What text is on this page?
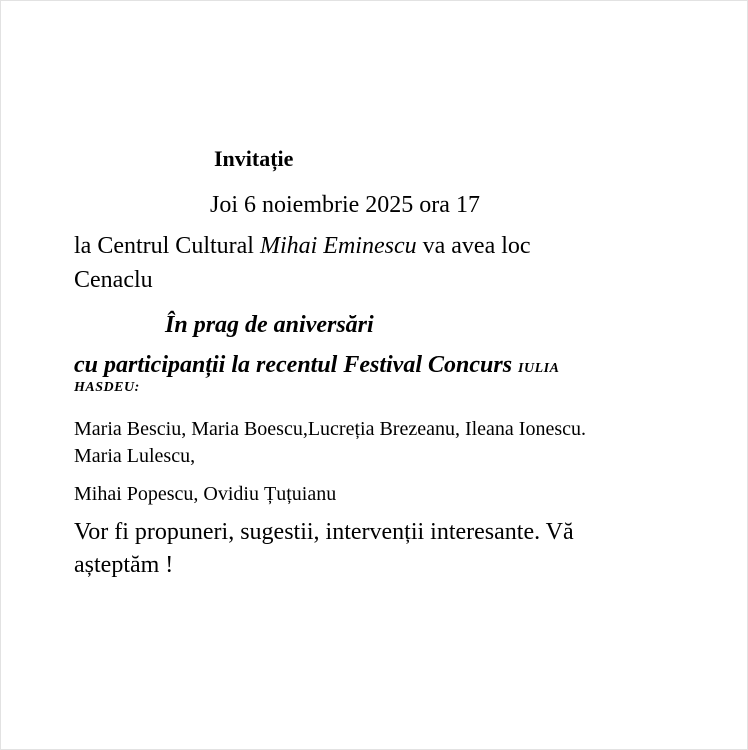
Invitație
Joi 6 noiembrie 2025 ora 17
la Centrul Cultural Mihai Eminescu va avea loc
Cenaclu
În prag de aniversări
cu participanții la recentul Festival Concurs IULIA
HASDEU:
Maria Besciu, Maria Boescu,Lucreția Brezeanu, Ileana Ionescu.
Maria Lulescu,
Mihai Popescu, Ovidiu Țuțuianu
Vor fi propuneri, sugestii, intervenții interesante. Vă
așteptăm !
